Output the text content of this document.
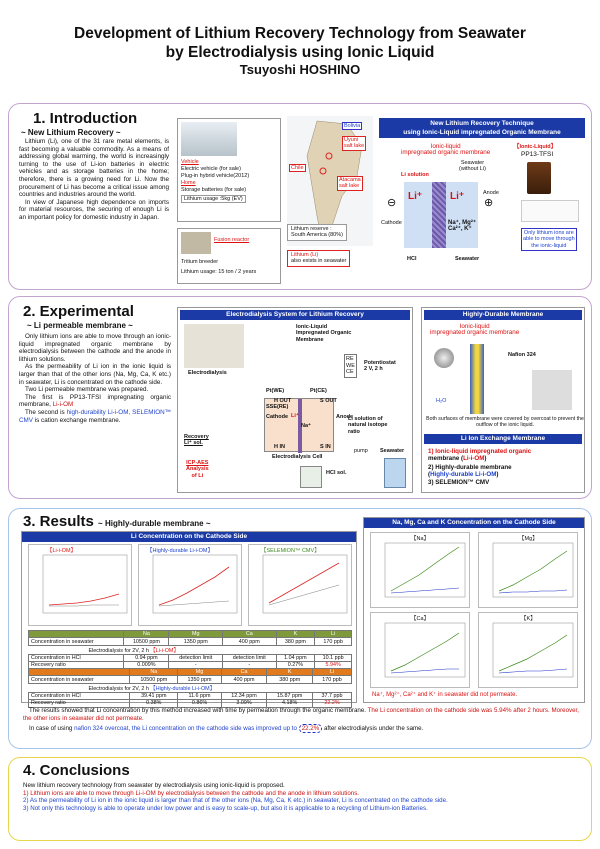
Development of Lithium Recovery Technology from Seawater
by Electrodialysis using Ionic Liquid
Tsuyoshi HOSHINO
1. Introduction
~ New Lithium Recovery ~

Lithium (Li), one of the 31 rare metal elements, is fast becoming a valuable commodity. As a means of addressing global warming, the world is increasingly turning to the use of Li-ion batteries in electric vehicles and as storage batteries in the home; therefore, there is a growing need for Li. Now the procurement of Li has become a critical issue among countries and industries around the world.

In view of Japanese high dependence on imports for material resources, the securing of enough Li is an important policy for domestic industry in Japan.

Vehicle
Electric vehicle (for sale)
Plug-in hybrid vehicle(2012)
Home
Storage batteries (for sale)
Lithium usage :5kg (EV)
Fusion reactor
Tritium breeder
Lithium usage: 15 ton / 2 years
Bolivia
Uyuni
salt lake
Chile
Atacama
salt lake
Lithium reserve :
South America (80%)
Lithium (Li)
also exists in seawater
New Lithium Recovery Technique
using Ionic-Liquid impregnated Organic Membrane
Ionic-liquid
impregnated organic membrane
Seawater
(without Li)
Li solution
Li⁺	Li⁺
Na⁺, Mg²⁺
Ca²⁺, K⁺
⊖	⊕
Cathode
Anode
HCl	Seawater
【Ionic-Liquid】
PP13-TFSI
Only lithium ions are
able to move through
the ionic-liquid
2. Experimental
~ Li permeable membrane ~

Only lithium ions are able to move through an ionic-liquid impregnated organic membrane by electrodialysis between the cathode and the anode in lithium solutions.

As the permeability of Li ion in the ionic liquid is larger than that of the other ions (Na, Mg, Ca, K etc.) in seawater, Li is concentrated on the cathode side.

Two Li permeable membrane was prepared.

The first is PP13-TFSI impregnating organic membrane, Li-i-OM

The second is high-durability Li-i-OM, SELEMION™ CMV is cation exchange membrane.

Electrodialysis System for Lithium Recovery
Ionic-Liquid
Impregnated Organic
Membrane
Electrodialysis
RE
WE
CE
Potentiostat
2 V, 2 h
Pt(WE)	Pt(CE)
Li⁺
Na⁺
SSE(RE)
Cathode	Anode
H OUT
H IN
S OUT
S IN
Li solution of
natural isotope
ratio
pump Seawater
Electrodialysis Cell
HCl sol.
Recovery
Li⁺ sol.
ICP-AES
Analysis
of Li
Highly-Durable Membrane
Ionic-liquid
impregnated organic membrane
Nafion 324
H₂O
Both surfaces of membrane were covered by overcoat to prevent the outflow of the ionic liquid.
Li Ion Exchange Membrane
1) Ionic-liquid impregnated organic
membrane (Li-i-OM)
2) Highly-durable membrane
(Highly-durable Li-i-OM)
3) SELEMION™ CMV
3. Results ~ Highly-durable membrane ~
Li Concentration on the Cathode Side
【Li-i-OM】	【Highly-durable Li-i-OM】	【SELEMION™ CMV】
	Na	Mg	Ca	K	Li
Concentration in seawater	10500 ppm	1350 ppm	400 ppm	380 ppm	170 ppb
Electrodialysis for 2V, 2 h 【Li-i-OM】					
Concentration in HCl	0.94 ppm	detection limit	detection limit	1.04 ppm	10.1 ppb
Recovery ratio	0.009%	-	-	0.27%	5.94%
	Na	Mg	Ca	K	Li
Concentration in seawater	10500 ppm	1350 ppm	400 ppm	380 ppm	170 ppb
Electrodialysis for 2V, 2 h 【Highly-durable Li-i-OM】					
Concentration in HCl	39.41 ppm	11.6 ppm	12.34 ppm	15.87 ppm	37.7 ppb
Recovery ratio	0.38%	0.86%	3.09%	4.18%	22.2%
Na, Mg, Ca and K Concentration on the Cathode Side
【Na】	【Mg】
【Ca】	【K】
Na⁺, Mg²⁺, Ca²⁺ and K⁺ in seawater did not permeate.

The results showed that Li concentration by this method increased with time by permeation through the organic membrane. The Li concentration on the cathode side was 5.94% after 2 hours. Moreover, the other ions in seawater did not permeate.

In case of using nafion 324 overcoat, the Li concentration on the cathode side was improved up to 22.2% after electrodialysis under the same.

4. Conclusions

New lithium recovery technology from seawater by electrodialysis using ionic-liquid is proposed.

1) Lithium ions are able to move through Li-i-OM by electrodialysis between the cathode and the anode in lithium solutions.

2) As the permeability of Li ion in the ionic liquid is larger than that of the other ions (Na, Mg, Ca, K etc.) in seawater, Li is concentrated on the cathode side.

3) Not only this technology is able to operate under low power and is easy to scale-up, but also it is applicable to a recycling of Lithium-ion Batteries.
